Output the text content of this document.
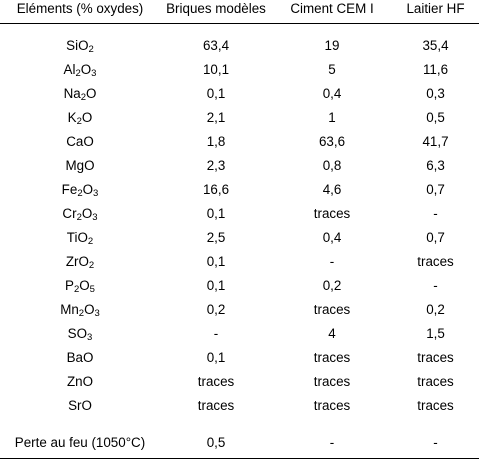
Eléments (% oxydes)	Briques modèles	Ciment CEM I	Laitier HF

SiO$_2$	63,4	19	35,4
$Al_2O_3$	10,1	5	11,6
$Na_2O$	0,1	0,4	0,3
$K_2O$	2,1	1	0,5
CaO	1,8	63,6	41,7
MgO	2,3	0,8	6,3
$Fe_2O_3$	16,6	4,6	0,7
$Cr_2O_3$	0,1	traces	-
TiO$_2$	2,5	0,4	0,7
ZrO$_2$	0,1	-	traces
$P_2O_5$	0,1	0,2	-
$Mn_2O_3$	0,2	traces	0,2
$SO_3$	-	4	1,5
BaO	0,1	traces	traces
ZnO	traces	traces	traces
SrO	traces	traces	traces

Perte au feu (1050°C)	0,5	-	-
